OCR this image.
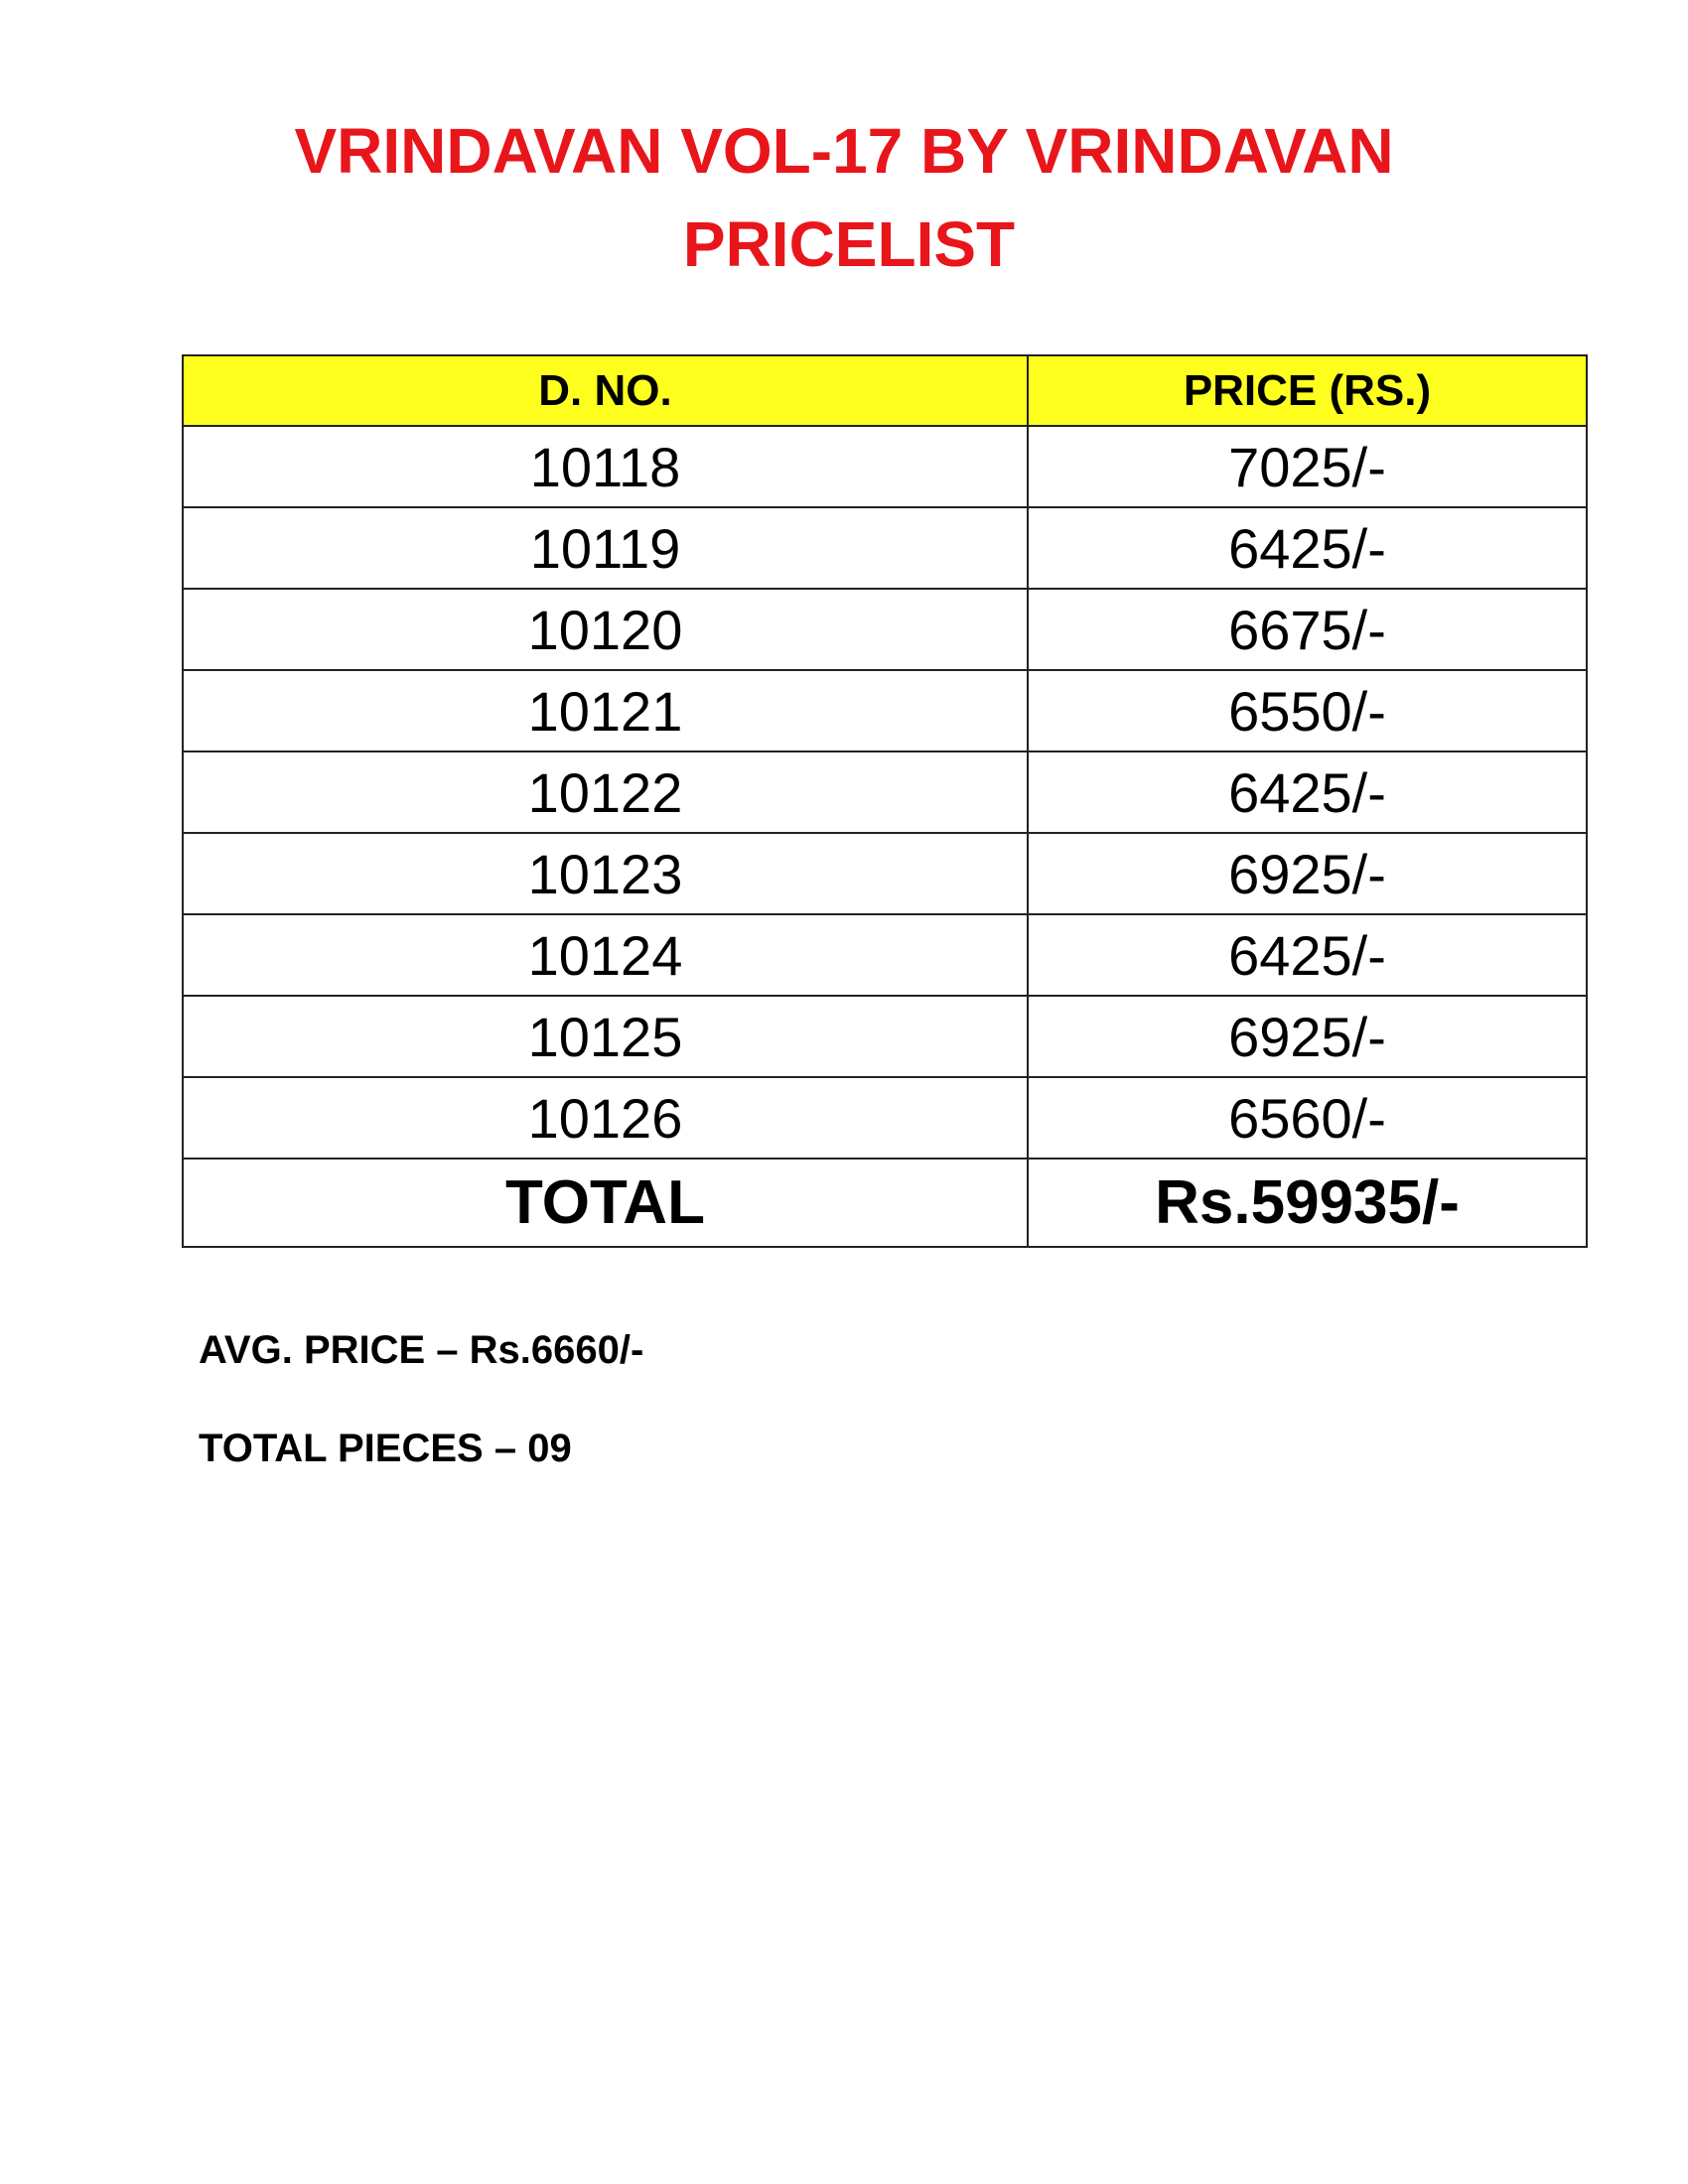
VRINDAVAN VOL-17 BY VRINDAVAN
PRICELIST
D. NO.	PRICE (RS.)
10118	7025/-
10119	6425/-
10120	6675/-
10121	6550/-
10122	6425/-
10123	6925/-
10124	6425/-
10125	6925/-
10126	6560/-
TOTAL	Rs.59935/-
AVG. PRICE – Rs.6660/-
TOTAL PIECES – 09
